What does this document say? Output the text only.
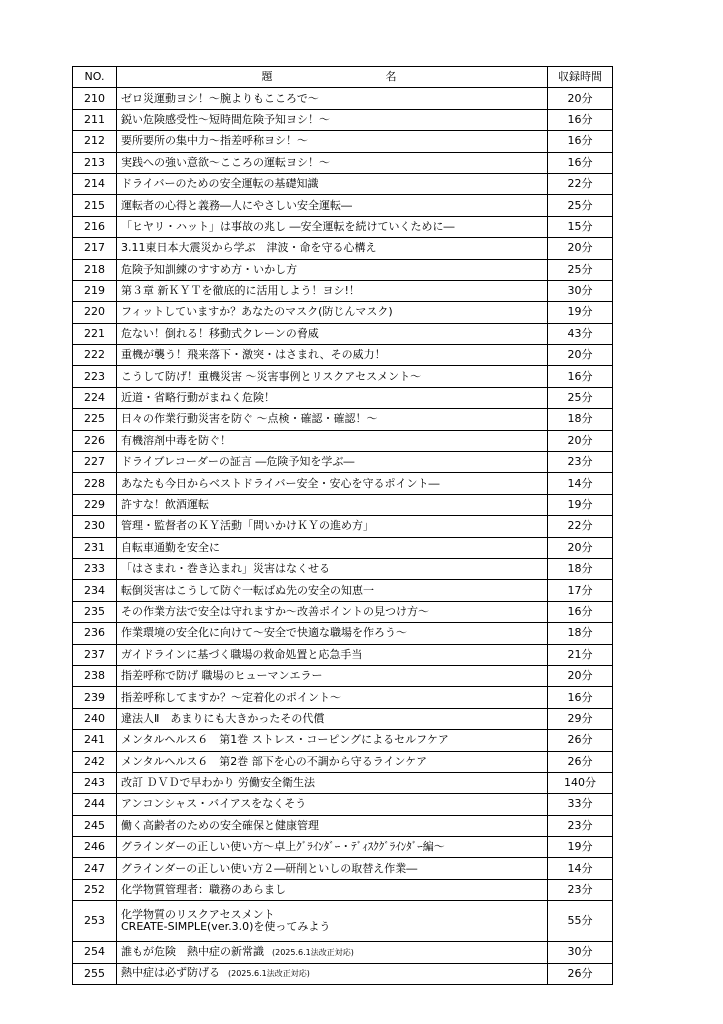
NO.	題 名	収録時間
210	ゼロ災運動ヨシ！～腕よりもこころで～	20分
211	鋭い危険感受性～短時間危険予知ヨシ！～	16分
212	要所要所の集中力～指差呼称ヨシ！～	16分
213	実践への強い意欲～こころの運転ヨシ！～	16分
214	ドライバーのための安全運転の基礎知識	22分
215	運転者の心得と義務―人にやさしい安全運転―	25分
216	「ヒヤリ・ハット」は事故の兆し ―安全運転を続けていくために―	15分
217	3.11東日本大震災から学ぶ　津波・命を守る心構え	20分
218	危険予知訓練のすすめ方・いかし方	25分
219	第３章 新ＫＹＴを徹底的に活用しよう！ヨシ!！	30分
220	フィットしていますか？あなたのマスク(防じんマスク)	19分
221	危ない！倒れる！移動式クレーンの脅威	43分
222	重機が襲う！飛来落下・激突・はさまれ、その威力！	20分
223	こうして防げ！重機災害 ～災害事例とリスクアセスメント～	16分
224	近道・省略行動がまねく危険！	25分
225	日々の作業行動災害を防ぐ ～点検・確認・確認！～	18分
226	有機溶剤中毒を防ぐ！	20分
227	ドライブレコーダーの証言 ―危険予知を学ぶ―	23分
228	あなたも今日からベストドライバー安全・安心を守るポイント―	14分
229	許すな！飲酒運転	19分
230	管理・監督者のＫＹ活動「問いかけＫＹの進め方」	22分
231	自転車通勤を安全に	20分
233	「はさまれ・巻き込まれ」災害はなくせる	18分
234	転倒災害はこうして防ぐ一転ばぬ先の安全の知恵一	17分
235	その作業方法で安全は守れますか～改善ポイントの見つけ方～	16分
236	作業環境の安全化に向けて～安全で快適な職場を作ろう～	18分
237	ガイドラインに基づく職場の救命処置と応急手当	21分
238	指差呼称で防げ 職場のヒューマンエラー	20分
239	指差呼称してますか？～定着化のポイント～	16分
240	違法人Ⅱ　あまりにも大きかったその代償	29分
241	メンタルヘルス６　第1巻 ストレス・コーピングによるセルフケア	26分
242	メンタルヘルス６　第2巻 部下を心の不調から守るラインケア	26分
243	改訂 ＤＶＤで早わかり 労働安全衛生法	140分
244	アンコンシャス・バイアスをなくそう	33分
245	働く高齢者のための安全確保と健康管理	23分
246	グラインダーの正しい使い方～卓上ｸﾞﾗｲﾝﾀﾞｰ・ﾃﾞｨｽｸｸﾞﾗｲﾝﾀﾞｰ編～	19分
247	グラインダーの正しい使い方２―研削といしの取替え作業―	14分
252	化学物質管理者：職務のあらまし	23分
253	化学物質のリスクアセスメント
CREATE-SIMPLE(ver.3.0)を使ってみよう	55分
254	誰もが危険　熱中症の新常識 (2025.6.1法改正対応)	30分
255	熱中症は必ず防げる (2025.6.1法改正対応)	26分
